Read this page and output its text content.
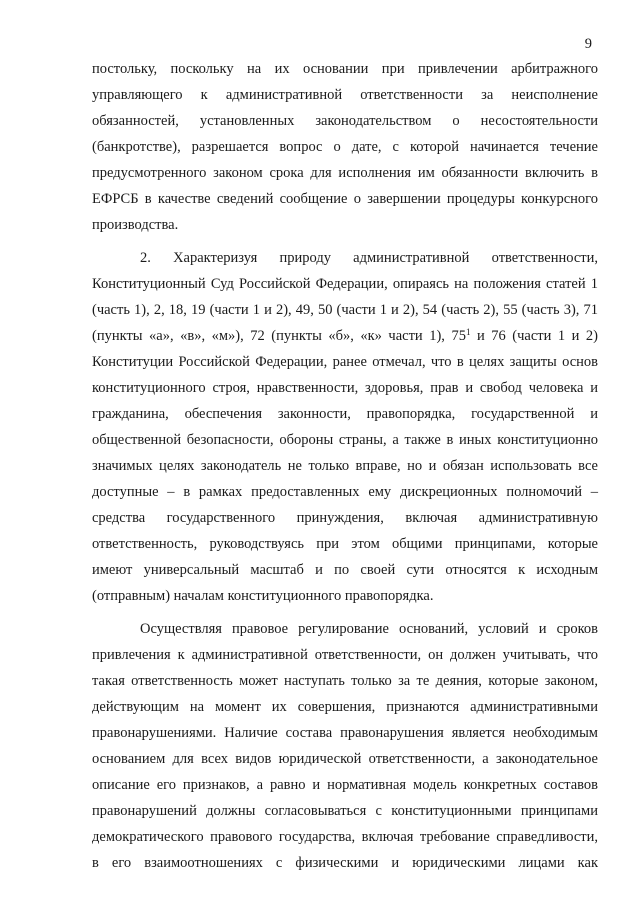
9
постольку, поскольку на их основании при привлечении арбитражного
управляющего к административной ответственности за неисполнение
обязанностей, установленных законодательством о несостоятельности
(банкротстве), разрешается вопрос о дате, с которой начинается течение
предусмотренного законом срока для исполнения им обязанности включить в
ЕФРСБ в качестве сведений сообщение о завершении процедуры конкурсного
производства.
2. Характеризуя природу административной ответственности,
Конституционный Суд Российской Федерации, опираясь на положения статей 1
(часть 1), 2, 18, 19 (части 1 и 2), 49, 50 (части 1 и 2), 54 (часть 2), 55 (часть 3), 71
(пункты «а», «в», «м»), 72 (пункты «б», «к» части 1), $75^1$ и 76 (части 1 и 2)
Конституции Российской Федерации, ранее отмечал, что в целях защиты основ
конституционного строя, нравственности, здоровья, прав и свобод человека и
гражданина, обеспечения законности, правопорядка, государственной и
общественной безопасности, обороны страны, а также в иных конституционно
значимых целях законодатель не только вправе, но и обязан использовать все
доступные – в рамках предоставленных ему дискреционных полномочий –
средства государственного принуждения, включая административную
ответственность, руководствуясь при этом общими принципами, которые
имеют универсальный масштаб и по своей сути относятся к исходным
(отправным) началам конституционного правопорядка.
Осуществляя правовое регулирование оснований, условий и сроков
привлечения к административной ответственности, он должен учитывать, что
такая ответственность может наступать только за те деяния, которые законом,
действующим на момент их совершения, признаются административными
правонарушениями. Наличие состава правонарушения является необходимым
основанием для всех видов юридической ответственности, а законодательное
описание его признаков, а равно и нормативная модель конкретных составов
правонарушений должны согласовываться с конституционными принципами
демократического правового государства, включая требование справедливости,
в его взаимоотношениях с физическими и юридическими лицами как
